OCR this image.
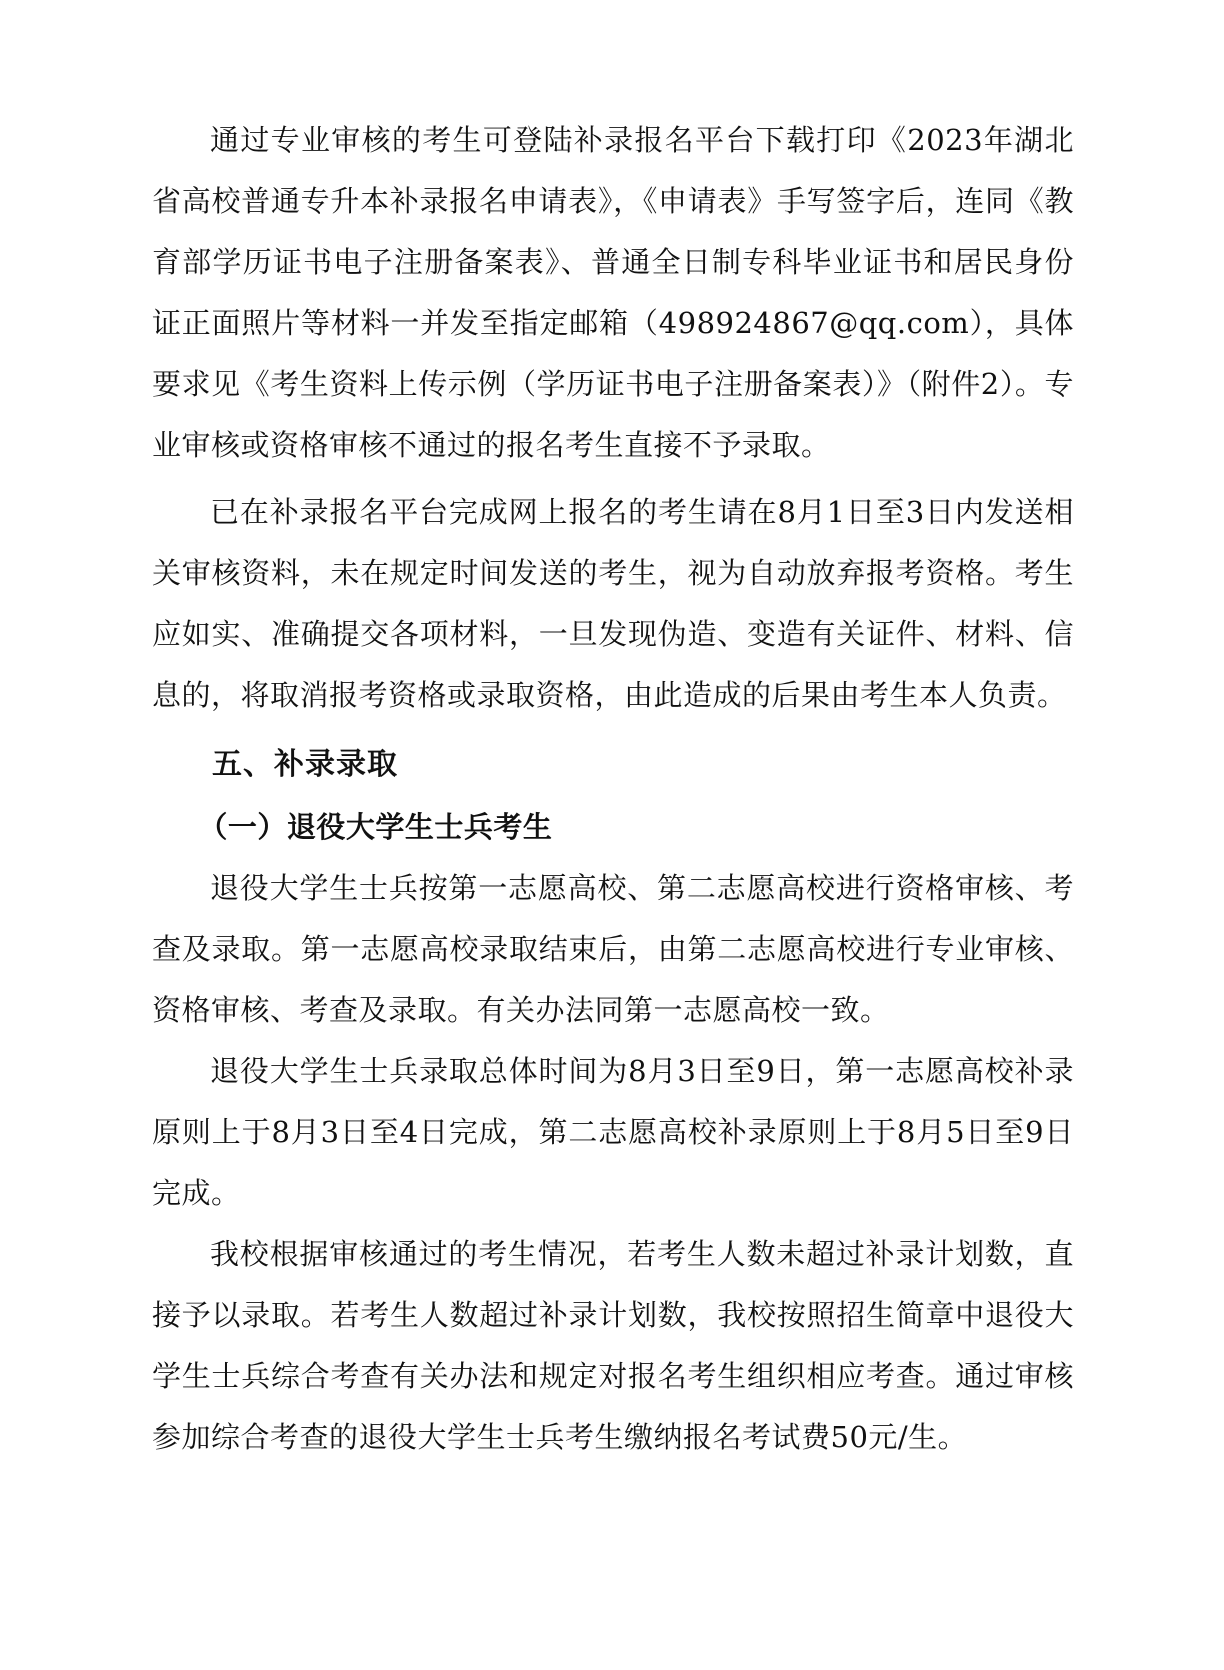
通过专业审核的考生可登陆补录报名平台下载打印《2023年湖北省高校普通专升本补录报名申请表》，《申请表》手写签字后，连同《教育部学历证书电子注册备案表》、普通全日制专科毕业证书和居民身份证正面照片等材料一并发至指定邮箱（498924867@qq.com），具体要求见《考生资料上传示例（学历证书电子注册备案表）》（附件2）。专业审核或资格审核不通过的报名考生直接不予录取。

已在补录报名平台完成网上报名的考生请在8月1日至3日内发送相关审核资料，未在规定时间发送的考生，视为自动放弃报考资格。考生应如实、准确提交各项材料，一旦发现伪造、变造有关证件、材料、信息的，将取消报考资格或录取资格，由此造成的后果由考生本人负责。

五、补录录取
（一）退役大学生士兵考生

退役大学生士兵按第一志愿高校、第二志愿高校进行资格审核、考查及录取。第一志愿高校录取结束后，由第二志愿高校进行专业审核、资格审核、考查及录取。有关办法同第一志愿高校一致。

退役大学生士兵录取总体时间为8月3日至9日，第一志愿高校补录原则上于8月3日至4日完成，第二志愿高校补录原则上于8月5日至9日完成。

我校根据审核通过的考生情况，若考生人数未超过补录计划数，直接予以录取。若考生人数超过补录计划数，我校按照招生简章中退役大学生士兵综合考查有关办法和规定对报名考生组织相应考查。通过审核参加综合考查的退役大学生士兵考生缴纳报名考试费50元/生。
